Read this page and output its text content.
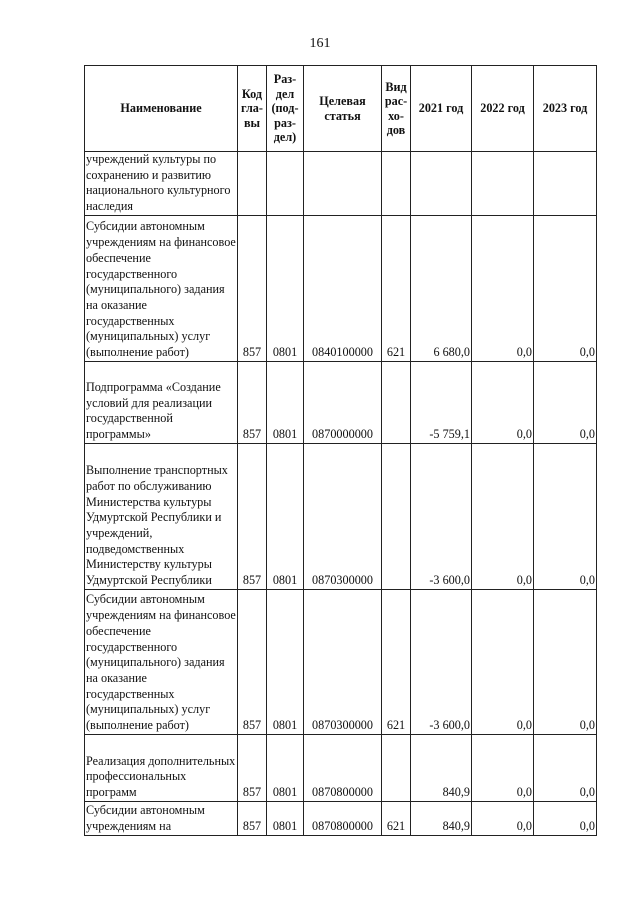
161
Наименование	Код гла-вы	Раз-дел (под-раз-дел)	Целевая статья	Вид рас-хо-дов	2021 год	2022 год	2023 год
учреждений культуры по сохранению и развитию национального культурного наследия							
Субсидии автономным учреждениям на финансовое обеспечение государственного (муниципального) задания на оказание государственных (муниципальных) услуг (выполнение работ)	857	0801	0840100000	621	6 680,0	0,0	0,0
Подпрограмма «Создание условий для реализации государственной программы»	857	0801	0870000000		-5 759,1	0,0	0,0
Выполнение транспортных работ по обслуживанию Министерства культуры Удмуртской Республики и учреждений, подведомственных Министерству культуры Удмуртской Республики	857	0801	0870300000		-3 600,0	0,0	0,0
Субсидии автономным учреждениям на финансовое обеспечение государственного (муниципального) задания на оказание государственных (муниципальных) услуг (выполнение работ)	857	0801	0870300000	621	-3 600,0	0,0	0,0
Реализация дополнительных профессиональных программ	857	0801	0870800000		840,9	0,0	0,0
Субсидии автономным учреждениям на	857	0801	0870800000	621	840,9	0,0	0,0
